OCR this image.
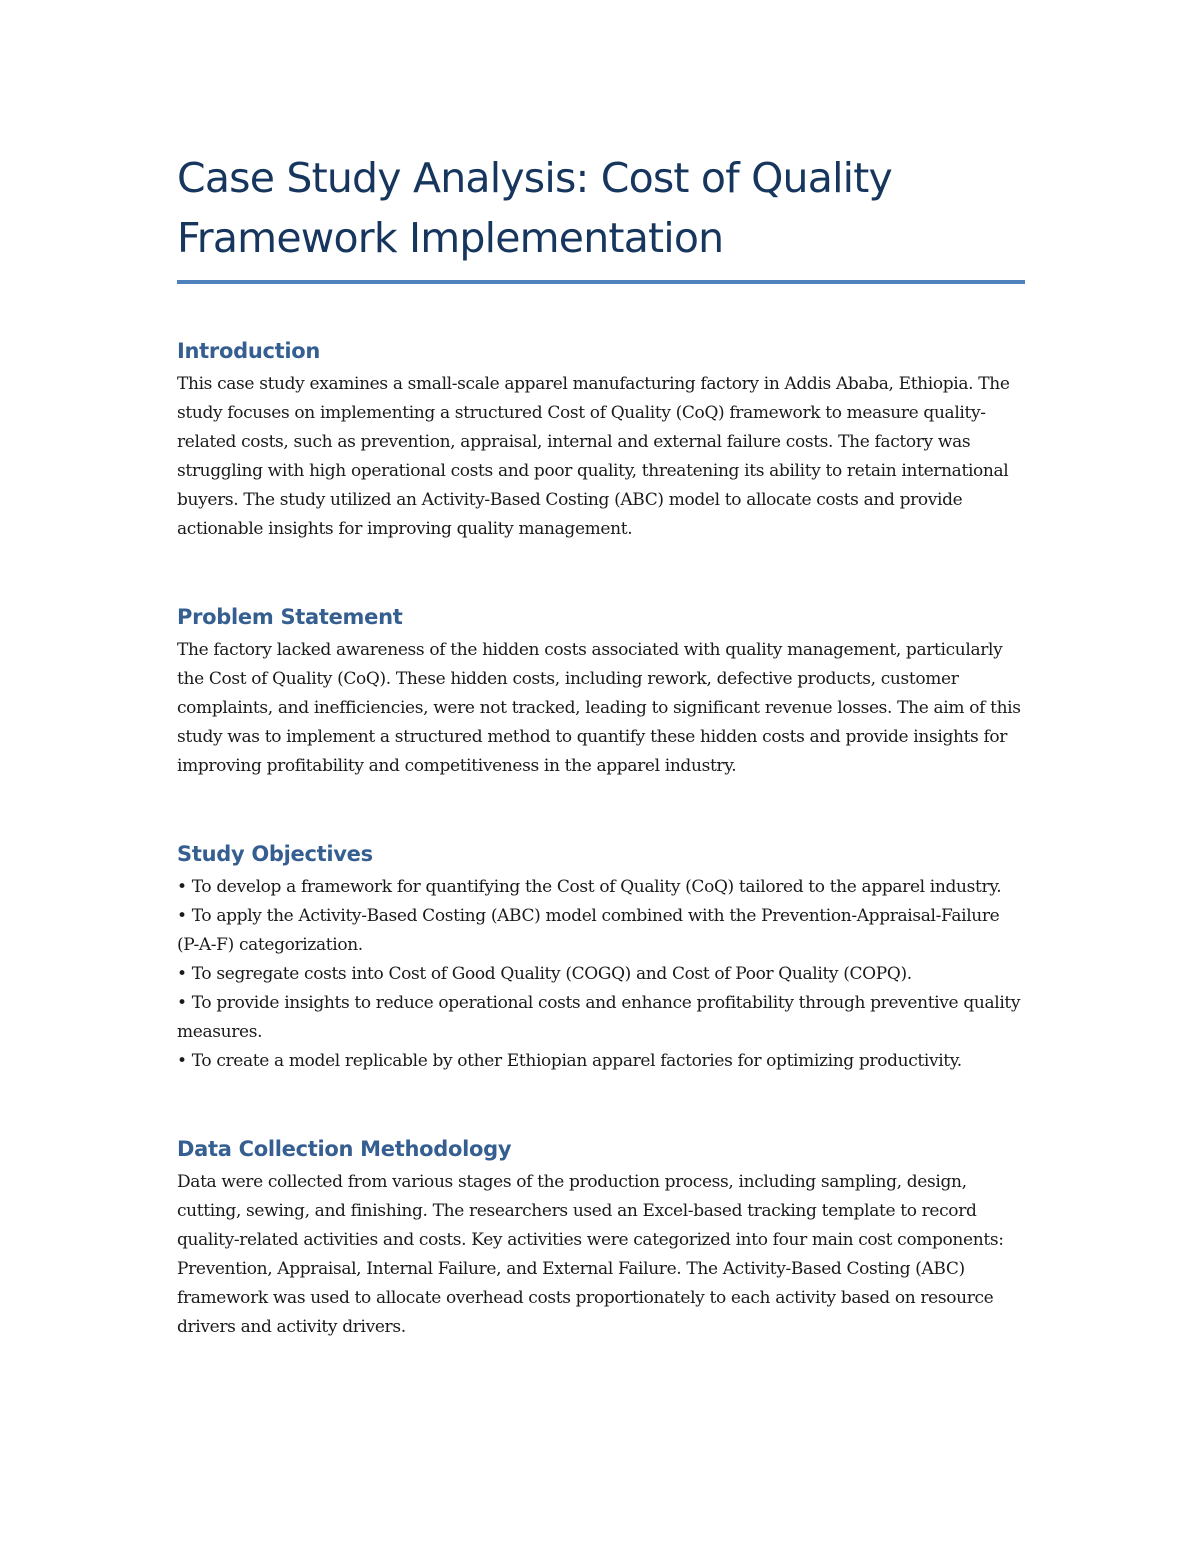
Case Study Analysis: Cost of Quality Framework Implementation
Introduction

This case study examines a small-scale apparel manufacturing factory in Addis Ababa, Ethiopia. The study focuses on implementing a structured Cost of Quality (CoQ) framework to measure quality-related costs, such as prevention, appraisal, internal and external failure costs. The factory was struggling with high operational costs and poor quality, threatening its ability to retain international buyers. The study utilized an Activity-Based Costing (ABC) model to allocate costs and provide actionable insights for improving quality management.

Problem Statement

The factory lacked awareness of the hidden costs associated with quality management, particularly the Cost of Quality (CoQ). These hidden costs, including rework, defective products, customer complaints, and inefficiencies, were not tracked, leading to significant revenue losses. The aim of this study was to implement a structured method to quantify these hidden costs and provide insights for improving profitability and competitiveness in the apparel industry.

Study Objectives
• To develop a framework for quantifying the Cost of Quality (CoQ) tailored to the apparel industry.
• To apply the Activity-Based Costing (ABC) model combined with the Prevention-Appraisal-Failure (P-A-F) categorization.
• To segregate costs into Cost of Good Quality (COGQ) and Cost of Poor Quality (COPQ).
• To provide insights to reduce operational costs and enhance profitability through preventive quality measures.
• To create a model replicable by other Ethiopian apparel factories for optimizing productivity.
Data Collection Methodology

Data were collected from various stages of the production process, including sampling, design, cutting, sewing, and finishing. The researchers used an Excel-based tracking template to record quality-related activities and costs. Key activities were categorized into four main cost components: Prevention, Appraisal, Internal Failure, and External Failure. The Activity-Based Costing (ABC) framework was used to allocate overhead costs proportionately to each activity based on resource drivers and activity drivers.
